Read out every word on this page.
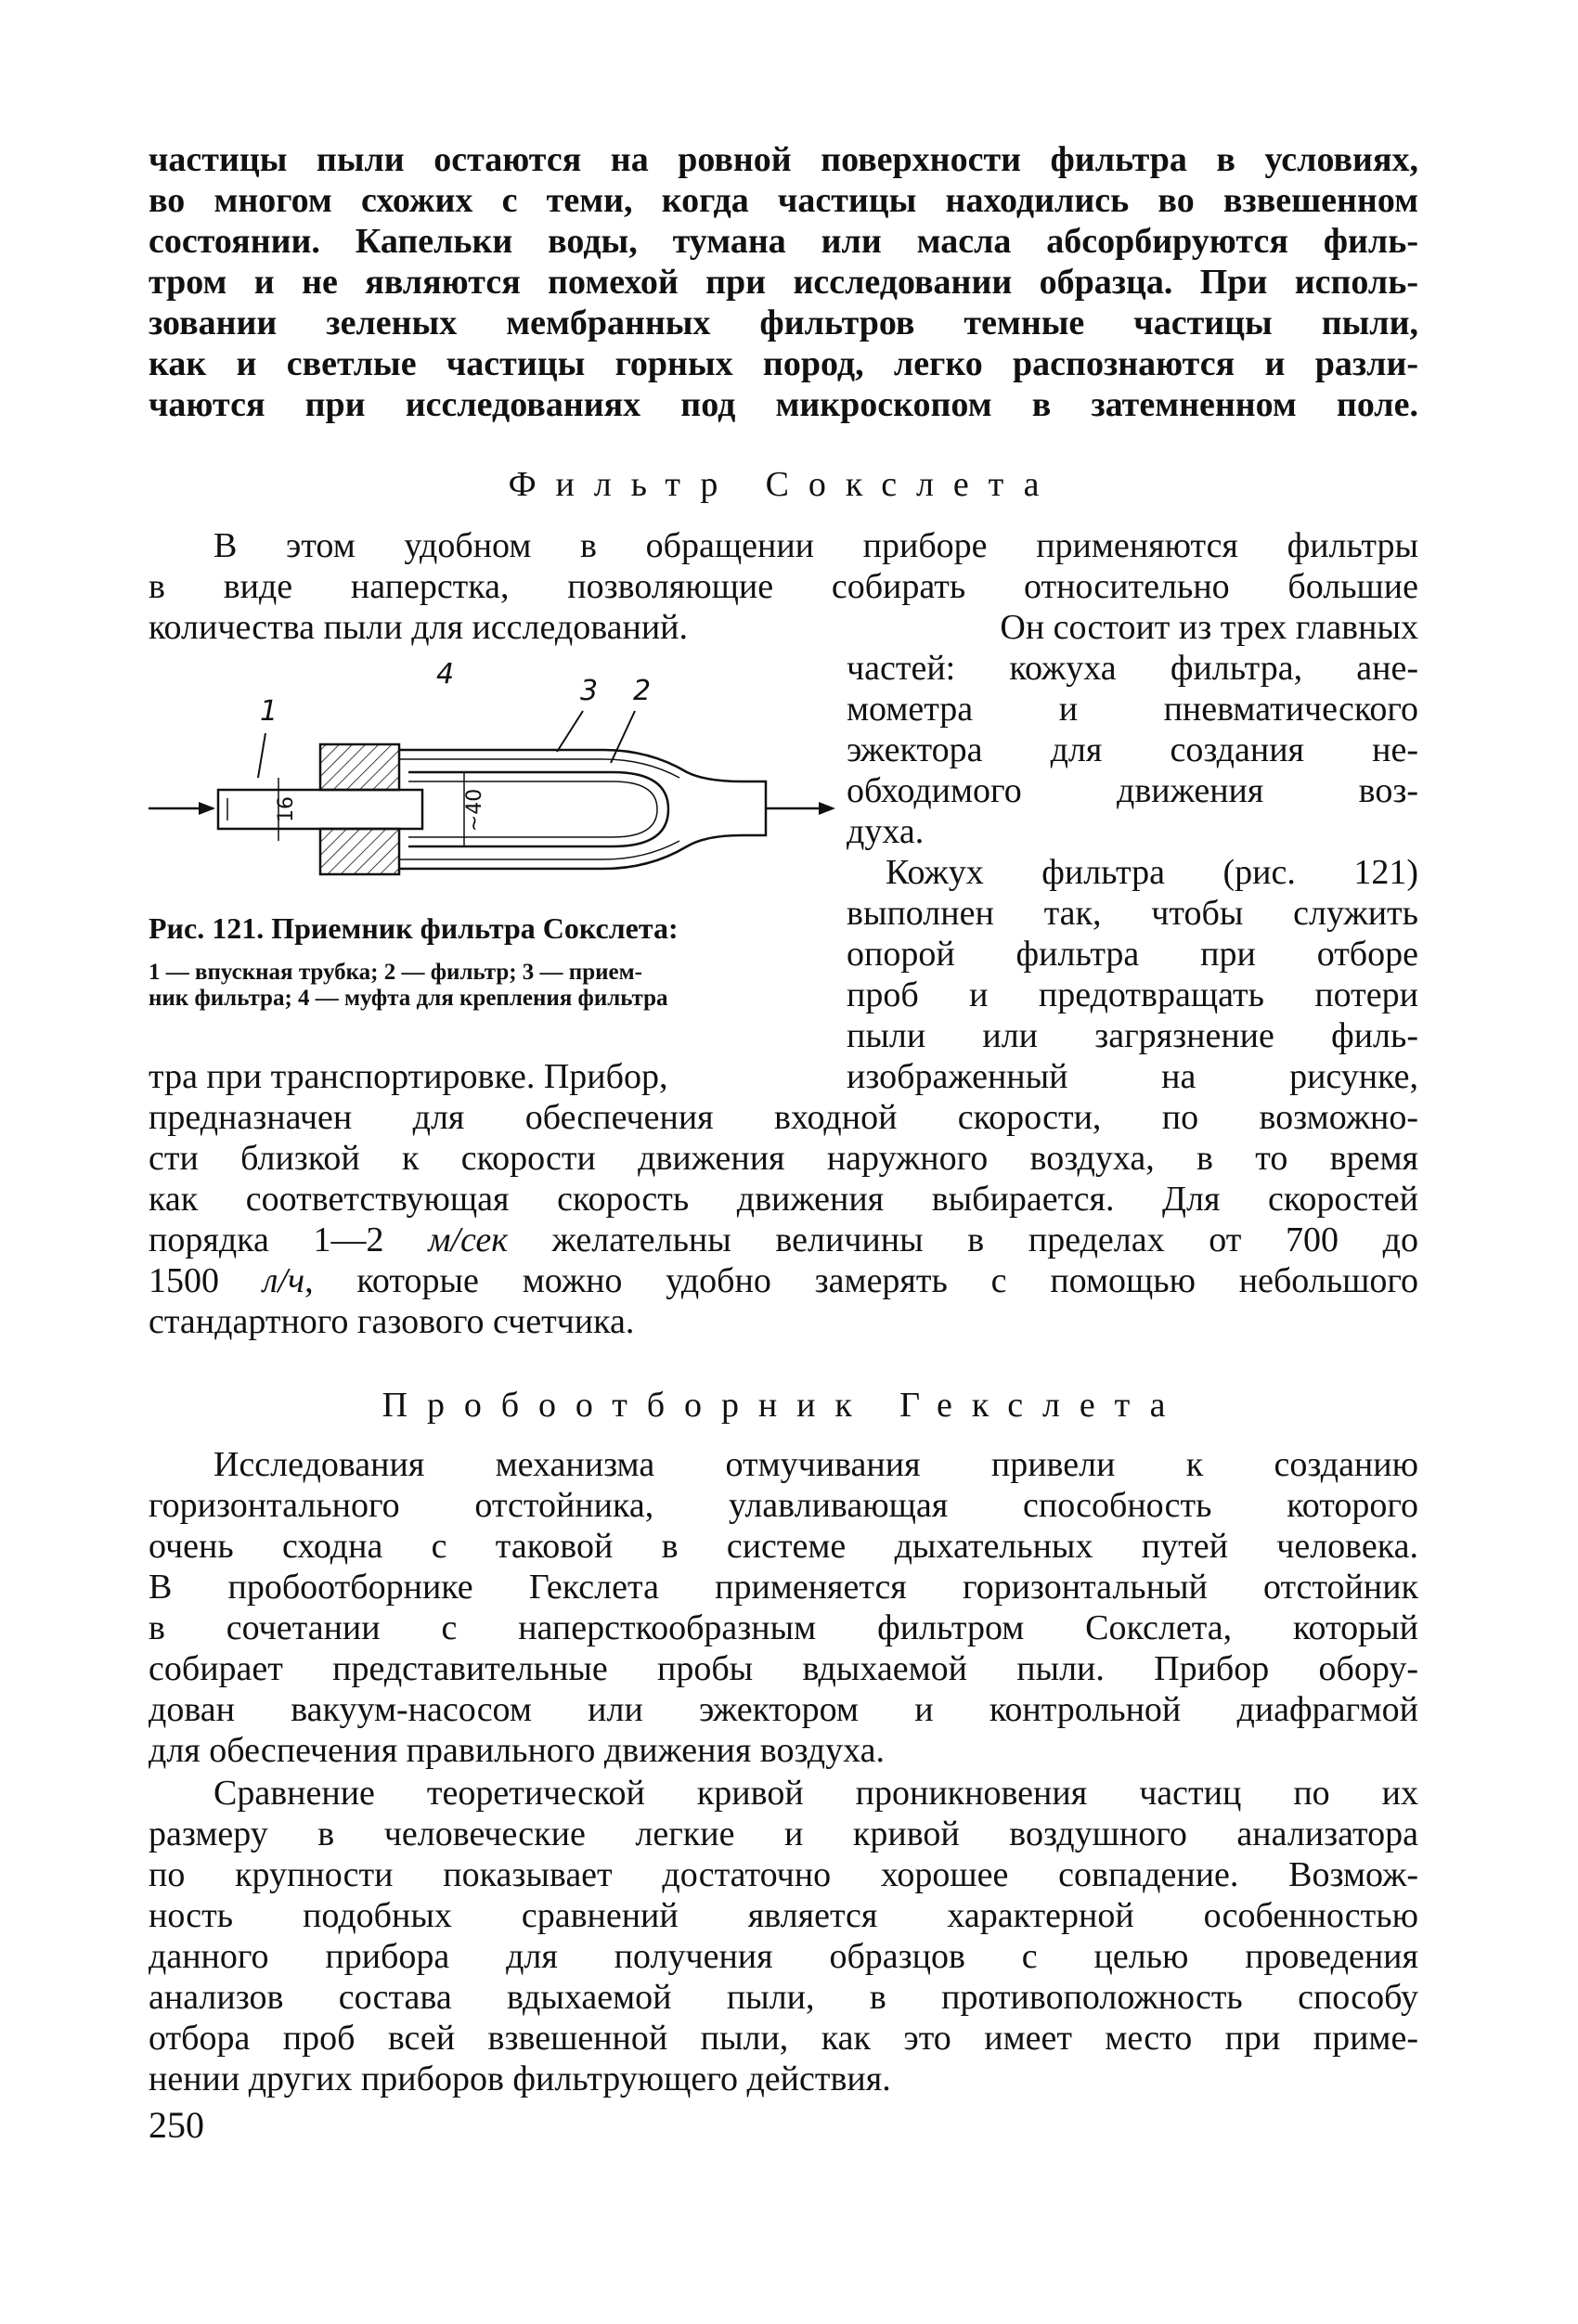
частицы пыли остаются на ровной поверхности фильтра в условиях,
во многом схожих с теми, когда частицы находились во взвешенном
состоянии. Капельки воды, тумана или масла абсорбируются филь-
тром и не являются помехой при исследовании образца. При исполь-
зовании зеленых мембранных фильтров темные частицы пыли,
как и светлые частицы горных пород, легко распознаются и разли-
чаются при исследованиях под микроскопом в затемненном поле.
Фильтр Сокслета
В этом удобном в обращении приборе применяются фильтры
в виде наперстка, позволяющие собирать относительно большие
количества пыли для исследований.	Он состоит из трех главных
частей: кожуха фильтра, ане-
мометра и пневматического
эжектора для создания не-
обходимого движения воз-
духа.
4
3 2
1
16	~40
Рис. 121. Приемник фильтра Сокслета:
1 — впускная трубка; 2 — фильтр; 3 — прием-
ник фильтра; 4 — муфта для крепления фильтра
Кожух фильтра (рис. 121)
выполнен так, чтобы служить
опорой фильтра при отборе
проб и предотвращать потери
пыли или загрязнение филь-
тра при транспортировке. Прибор,	изображенный на рисунке,
предназначен для обеспечения входной скорости, по возможно-
сти близкой к скорости движения наружного воздуха, в то время
как соответствующая скорость движения выбирается. Для скоростей
порядка 1—2 м/сек желательны величины в пределах от 700 до
1500 л/ч, которые можно удобно замерять с помощью небольшого
стандартного газового счетчика.
Пробоотборник Гекслета
Исследования механизма отмучивания привели к созданию
горизонтального отстойника, улавливающая способность которого
очень сходна с таковой в системе дыхательных путей человека.
В пробоотборнике Гекслета применяется горизонтальный отстойник
в сочетании с наперсткообразным фильтром Сокслета, который
собирает представительные пробы вдыхаемой пыли. Прибор обору-
дован вакуум-насосом или эжектором и контрольной диафрагмой
для обеспечения правильного движения воздуха.
Сравнение теоретической кривой проникновения частиц по их
размеру в человеческие легкие и кривой воздушного анализатора
по крупности показывает достаточно хорошее совпадение. Возмож-
ность подобных сравнений является характерной особенностью
данного прибора для получения образцов с целью проведения
анализов состава вдыхаемой пыли, в противоположность способу
отбора проб всей взвешенной пыли, как это имеет место при приме-
нении других приборов фильтрующего действия.
250
